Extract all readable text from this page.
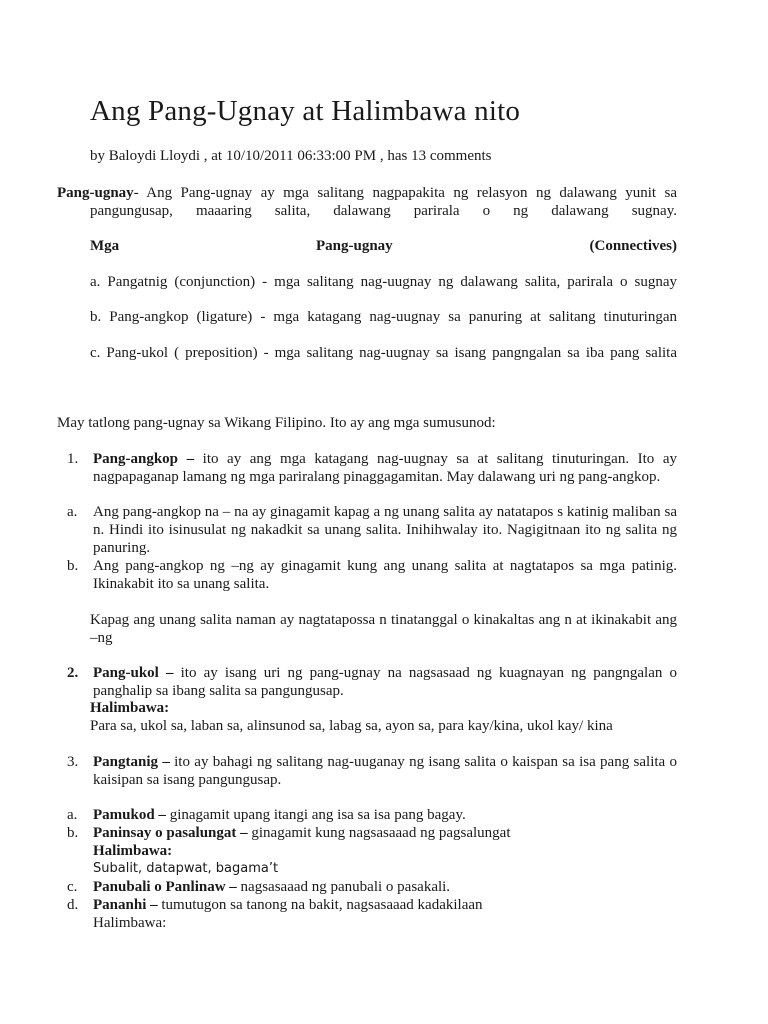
Ang Pang-Ugnay at Halimbawa nito
by Baloydi Lloydi , at 10/10/2011 06:33:00 PM , has 13 comments
Pang-ugnay- Ang Pang-ugnay ay mga salitang nagpapakita ng relasyon ng dalawang yunit sa
pangungusap, maaaring salita, dalawang parirala o ng dalawang sugnay.
Mga	Pang-ugnay	(Connectives)
a. Pangatnig (conjunction) - mga salitang nag-uugnay ng dalawang salita, parirala o sugnay
b. Pang-angkop (ligature) - mga katagang nag-uugnay sa panuring at salitang tinuturingan
c. Pang-ukol ( preposition) - mga salitang nag-uugnay sa isang pangngalan sa iba pang salita
May tatlong pang-ugnay sa Wikang Filipino. Ito ay ang mga sumusunod:
1. Pang-angkop – ito ay ang mga katagang nag-uugnay sa at salitang tinuturingan. Ito ay nagpapaganap lamang ng mga pariralang pinaggagamitan. May dalawang uri ng pang-angkop.
a.	Ang pang-angkop na – na ay ginagamit kapag a ng unang salita ay natatapos s katinig maliban sa n. Hindi ito isinusulat ng nakadkit sa unang salita. Inihihwalay ito. Nagigitnaan ito ng salita ng panuring.
b. Ang pang-angkop ng –ng ay ginagamit kung ang unang salita at nagtatapos sa mga patinig. Ikinakabit ito sa unang salita.
Kapag ang unang salita naman ay nagtatapossa n tinatanggal o kinakaltas ang n at ikinakabit ang –ng
2. Pang-ukol – ito ay isang uri ng pang-ugnay na nagsasaad ng kuagnayan ng pangngalan o panghalip sa ibang salita sa pangungusap.
Halimbawa:
Para sa, ukol sa, laban sa, alinsunod sa, labag sa, ayon sa, para kay/kina, ukol kay/ kina
3. Pangtanig – ito ay bahagi ng salitang nag-uuganay ng isang salita o kaispan sa isa pang salita o kaisipan sa isang pangungusap.
a.	Pamukod – ginagamit upang itangi ang isa sa isa pang bagay.
b. Paninsay o pasalungat – ginagamit kung nagsasaaad ng pagsalungat
Halimbawa:
Subalit, datapwat, bagama’t
c.	Panubali o Panlinaw – nagsasaaad ng panubali o pasakali.
d. Pananhi – tumutugon sa tanong na bakit, nagsasaaad kadakilaan
Halimbawa:
